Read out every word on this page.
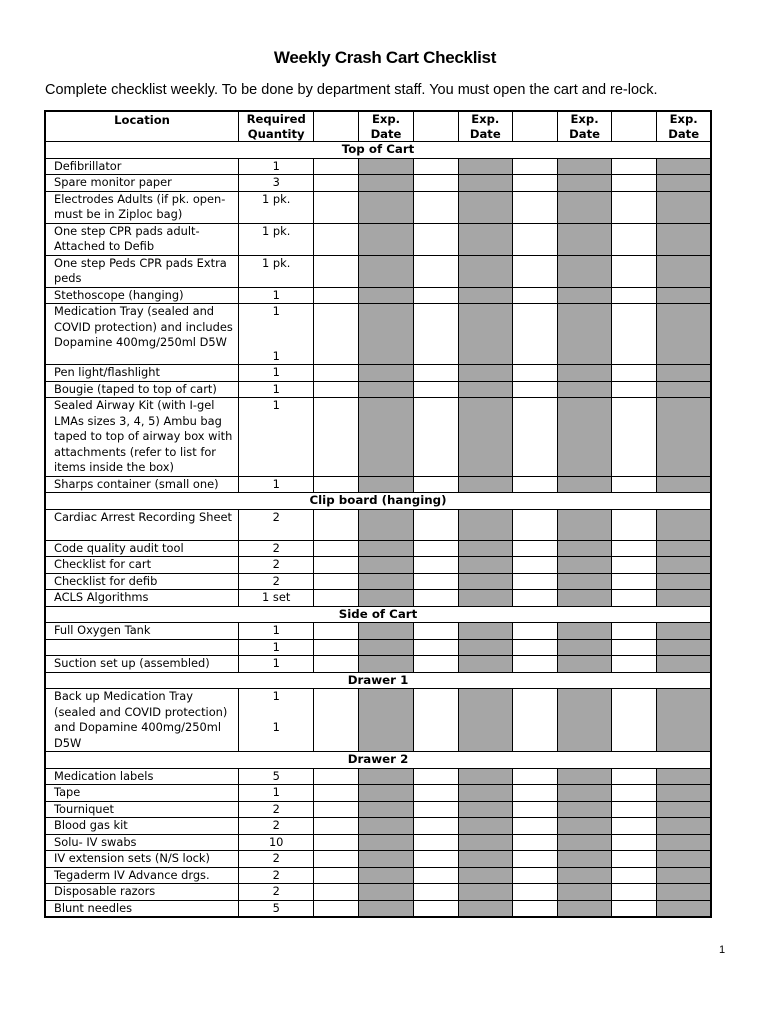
Weekly Crash Cart Checklist
Complete checklist weekly. To be done by department staff. You must open the cart and re-lock.
Location	Required Quantity		Exp. Date		Exp. Date		Exp. Date		Exp. Date
Top of Cart									
Defibrillator	1								

Spare monitor paper	3								

Electrodes Adults (if pk. open- must be in Ziploc bag)	1 pk.								

One step CPR pads adult- Attached to Defib	1 pk.								

One step Peds CPR pads Extra peds	1 pk.								

Stethoscope (hanging)	1								

Medication Tray (sealed and COVID protection) and includes Dopamine 400mg/250ml D5W	1
1								

Pen light/flashlight	1								

Bougie (taped to top of cart)	1								

Sealed Airway Kit (with I-gel LMAs sizes 3, 4, 5) Ambu bag taped to top of airway box with attachments (refer to list for items inside the box)	1								

Sharps container (small one)	1								

Clip board (hanging)									
Cardiac Arrest Recording Sheet	2								

Code quality audit tool	2								

Checklist for cart	2								

Checklist for defib	2								

ACLS Algorithms	1 set								

Side of Cart									
Full Oxygen Tank	1								

	1								

Suction set up (assembled)	1								

Drawer 1									
Back up Medication Tray (sealed and COVID protection) and Dopamine 400mg/250ml D5W	1
1								

Drawer 2									
Medication labels	5								

Tape	1								

Tourniquet	2								

Blood gas kit	2								

Solu- IV swabs	10								

IV extension sets (N/S lock)	2								

Tegaderm IV Advance drgs.	2								

Disposable razors	2								

Blunt needles	5								

1
